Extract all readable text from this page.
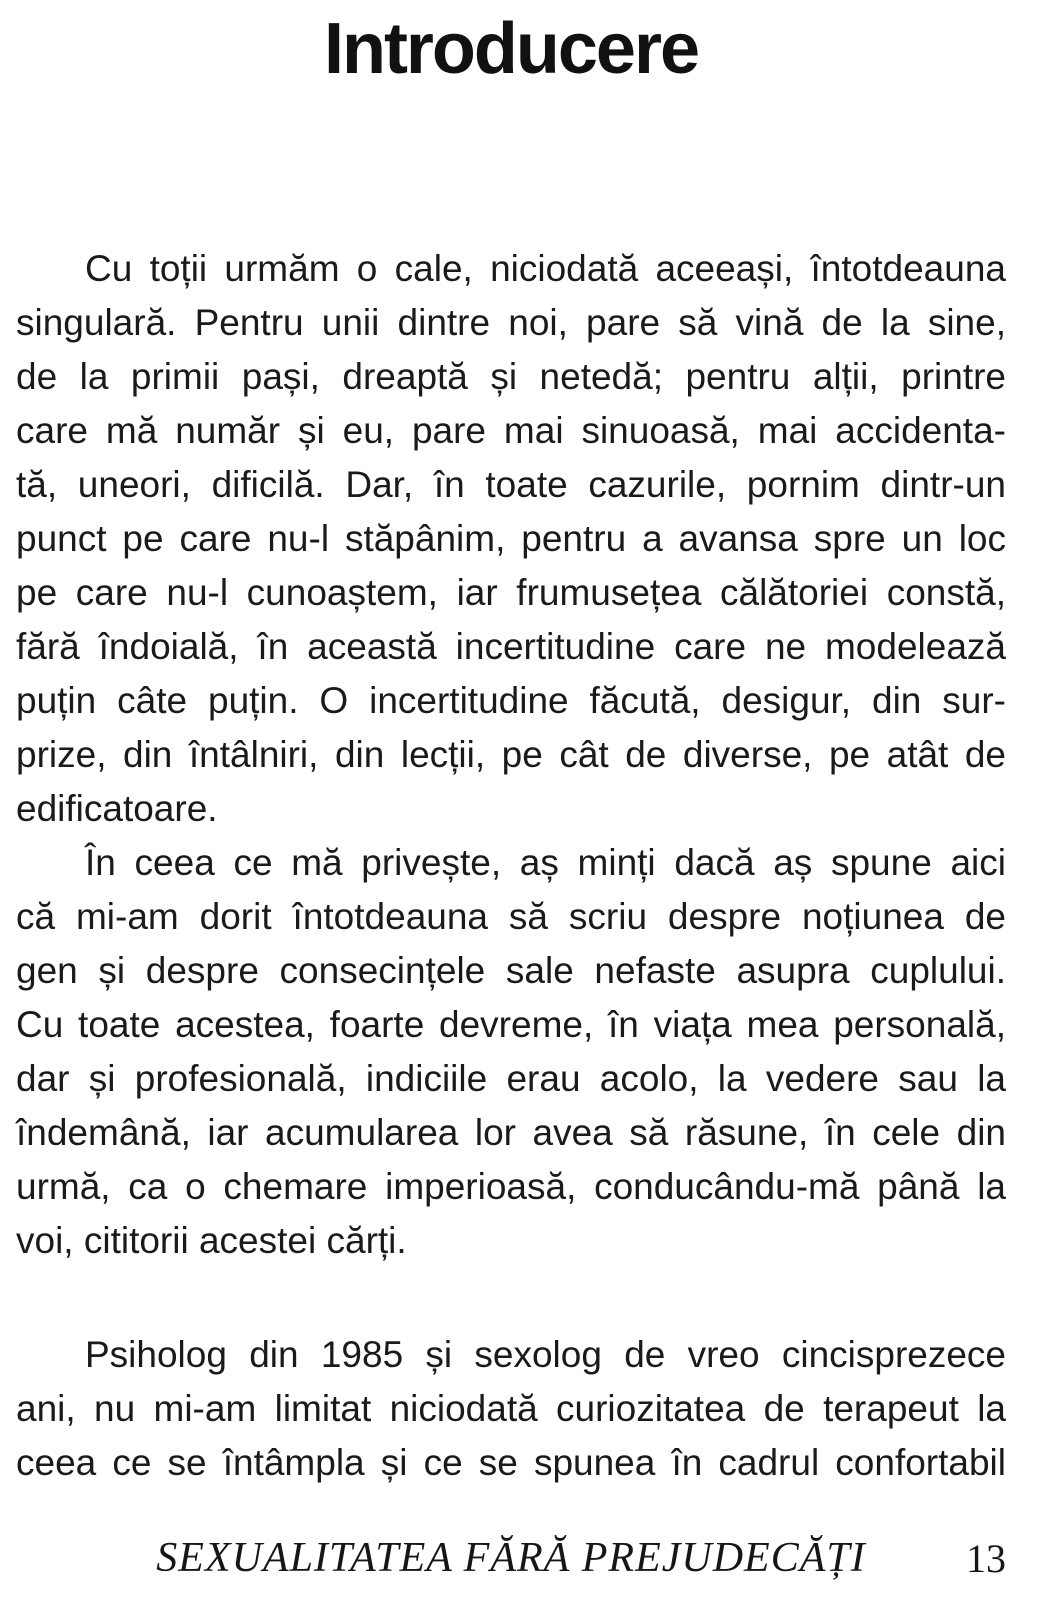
Introducere
Cu toții urmăm o cale, niciodată aceeași, întotdeauna
singulară. Pentru unii dintre noi, pare să vină de la sine,
de la primii pași, dreaptă și netedă; pentru alții, printre
care mă număr și eu, pare mai sinuoasă, mai accidenta-
tă, uneori, dificilă. Dar, în toate cazurile, pornim dintr-un
punct pe care nu-l stăpânim, pentru a avansa spre un loc
pe care nu-l cunoaștem, iar frumusețea călătoriei constă,
fără îndoială, în această incertitudine care ne modelează
puțin câte puțin. O incertitudine făcută, desigur, din sur-
prize, din întâlniri, din lecții, pe cât de diverse, pe atât de
edificatoare.
În ceea ce mă privește, aș minți dacă aș spune aici
că mi-am dorit întotdeauna să scriu despre noțiunea de
gen și despre consecințele sale nefaste asupra cuplului.
Cu toate acestea, foarte devreme, în viața mea personală,
dar și profesională, indiciile erau acolo, la vedere sau la
îndemână, iar acumularea lor avea să răsune, în cele din
urmă, ca o chemare imperioasă, conducându-mă până la
voi, cititorii acestei cărți.
Psiholog din 1985 și sexolog de vreo cincisprezece
ani, nu mi-am limitat niciodată curiozitatea de terapeut la
ceea ce se întâmpla și ce se spunea în cadrul confortabil
SEXUALITATEA FĂRĂ PREJUDECĂȚI	13
